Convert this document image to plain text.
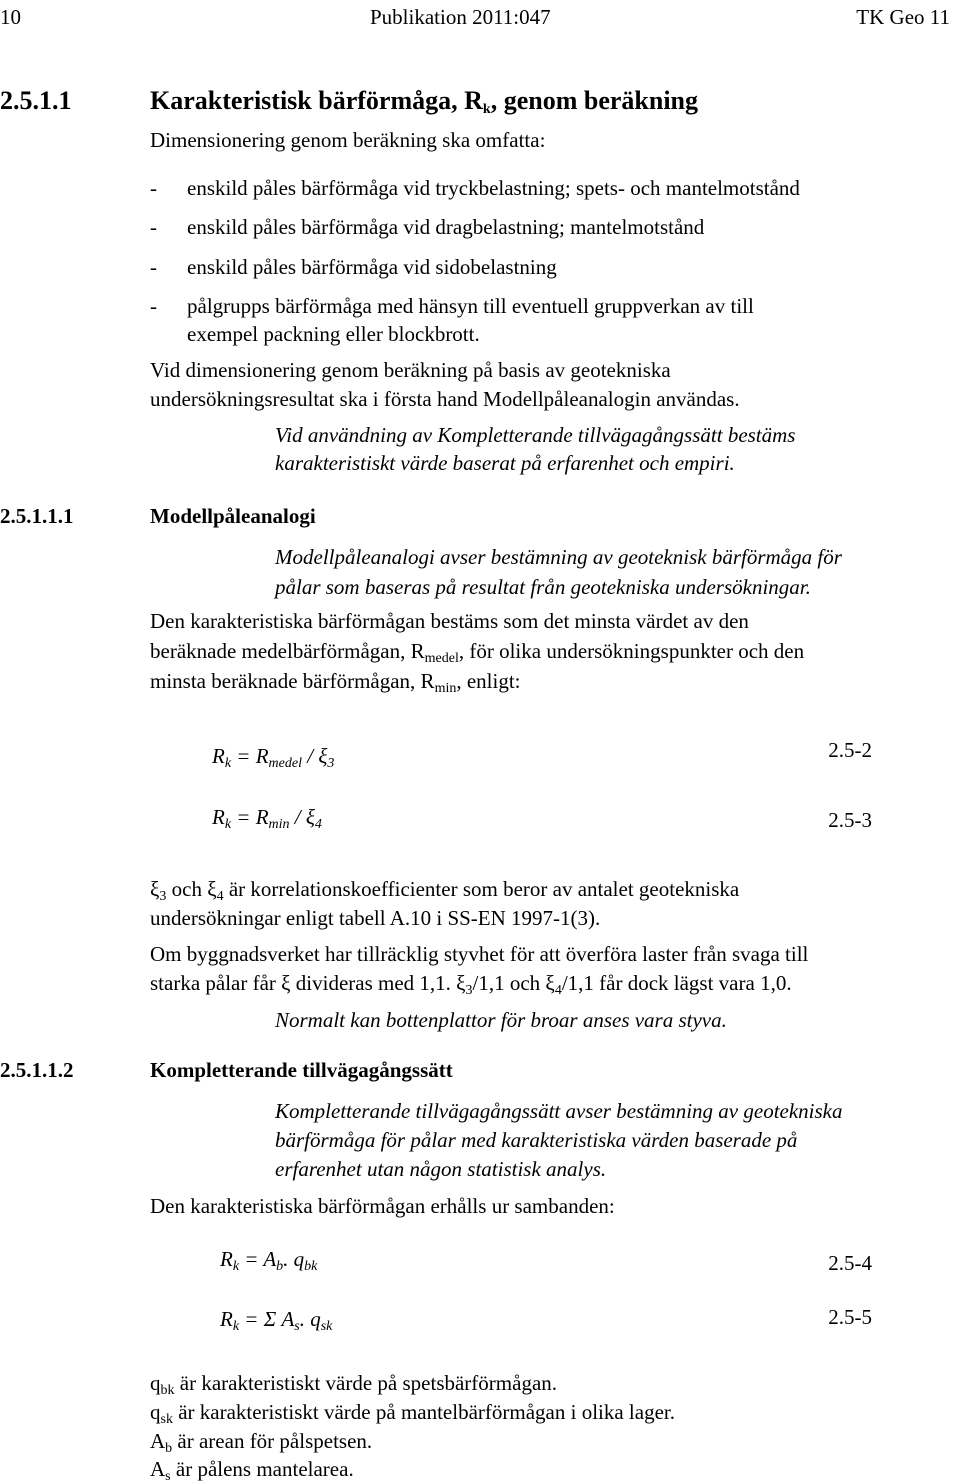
10	Publikation 2011:047	TK Geo 11
2.5.1.1	Karakteristisk bärförmåga, $R_k$, genom beräkning
Dimensionering genom beräkning ska omfatta:
- enskild påles bärförmåga vid tryckbelastning; spets- och mantelmotstånd
- enskild påles bärförmåga vid dragbelastning; mantelmotstånd
- enskild påles bärförmåga vid sidobelastning
- pålgrupps bärförmåga med hänsyn till eventuell gruppverkan av till
exempel packning eller blockbrott.
Vid dimensionering genom beräkning på basis av geotekniska
undersökningsresultat ska i första hand Modellpåleanalogin användas.
Vid användning av Kompletterande tillvägagångssätt bestäms
karakteristiskt värde baserat på erfarenhet och empiri.
2.5.1.1.1	Modellpåleanalogi
Modellpåleanalogi avser bestämning av geoteknisk bärförmåga för
pålar som baseras på resultat från geotekniska undersökningar.
Den karakteristiska bärförmågan bestäms som det minsta värdet av den
beräknade medelbärförmågan, $R_{medel}$, för olika undersökningspunkter och den
minsta beräknade bärförmågan, $R_{min}$, enligt:
$R_k = R_{medel} / \xi_3$
2.5-2
$R_k = R_{min} / \xi_4$	2.5-3
$\xi_3$ och $\xi_4$ är korrelationskoefficienter som beror av antalet geotekniska
undersökningar enligt tabell A.10 i SS-EN 1997-1(3).
Om byggnadsverket har tillräcklig styvhet för att överföra laster från svaga till
starka pålar får ξ divideras med 1,1. $\xi_3/1,1$ och $\xi_4/1,1$ får dock lägst vara 1,0.
Normalt kan bottenplattor för broar anses vara styva.
2.5.1.1.2	Kompletterande tillvägagångssätt
Kompletterande tillvägagångssätt avser bestämning av geotekniska
bärförmåga för pålar med karakteristiska värden baserade på
erfarenhet utan någon statistisk analys.
Den karakteristiska bärförmågan erhålls ur sambanden:
$R_k = A_b$. $q_{bk}$	2.5-4
$R_k = \Sigma$ $A_s$. $q_{sk}$	2.5-5
$q_{bk}$ är karakteristiskt värde på spetsbärförmågan.
$q_{sk}$ är karakteristiskt värde på mantelbärförmågan i olika lager.
$A_b$ är arean för pålspetsen.
$A_s$ är pålens mantelarea.
